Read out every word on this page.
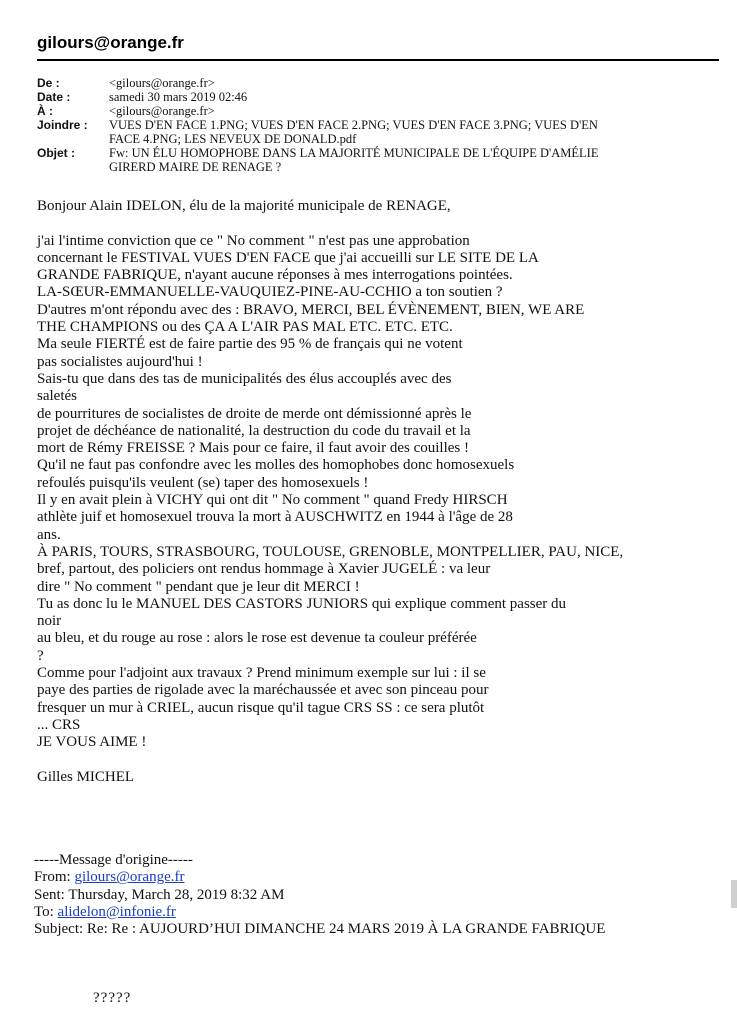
gilours@orange.fr
De :	<gilours@orange.fr>
Date :	samedi 30 mars 2019 02:46
À :	<gilours@orange.fr>
Joindre :	VUES D'EN FACE 1.PNG; VUES D'EN FACE 2.PNG; VUES D'EN FACE 3.PNG; VUES D'EN
FACE 4.PNG; LES NEVEUX DE DONALD.pdf
Objet :	Fw: UN ÉLU HOMOPHOBE DANS LA MAJORITÉ MUNICIPALE DE L'ÉQUIPE D'AMÉLIE
GIRERD MAIRE DE RENAGE ?
Bonjour Alain IDELON, élu de la majorité municipale de RENAGE,
j'ai l'intime conviction que ce " No comment " n'est pas une approbation
concernant le FESTIVAL VUES D'EN FACE que j'ai accueilli sur LE SITE DE LA
GRANDE FABRIQUE, n'ayant aucune réponses à mes interrogations pointées.
LA-SŒUR-EMMANUELLE-VAUQUIEZ-PINE-AU-CCHIO a ton soutien ?
D'autres m'ont répondu avec des : BRAVO, MERCI, BEL ÉVÈNEMENT, BIEN, WE ARE
THE CHAMPIONS ou des ÇA A L'AIR PAS MAL ETC. ETC. ETC.
Ma seule FIERTÉ est de faire partie des 95 % de français qui ne votent
pas socialistes aujourd'hui !
Sais-tu que dans des tas de municipalités des élus accouplés avec des
saletés
de pourritures de socialistes de droite de merde ont démissionné après le
projet de déchéance de nationalité, la destruction du code du travail et la
mort de Rémy FREISSE ? Mais pour ce faire, il faut avoir des couilles !
Qu'il ne faut pas confondre avec les molles des homophobes donc homosexuels
refoulés puisqu'ils veulent (se) taper des homosexuels !
Il y en avait plein à VICHY qui ont dit " No comment " quand Fredy HIRSCH
athlète juif et homosexuel trouva la mort à AUSCHWITZ en 1944 à l'âge de 28
ans.
À PARIS, TOURS, STRASBOURG, TOULOUSE, GRENOBLE, MONTPELLIER, PAU, NICE,
bref, partout, des policiers ont rendus hommage à Xavier JUGELÉ : va leur
dire " No comment " pendant que je leur dit MERCI !
Tu as donc lu le MANUEL DES CASTORS JUNIORS qui explique comment passer du
noir
au bleu, et du rouge au rose : alors le rose est devenue ta couleur préférée
?
Comme pour l'adjoint aux travaux ? Prend minimum exemple sur lui : il se
paye des parties de rigolade avec la maréchaussée et avec son pinceau pour
fresquer un mur à CRIEL, aucun risque qu'il tague CRS SS : ce sera plutôt
... CRS
JE VOUS AIME !
Gilles MICHEL
-----Message d'origine-----
From: gilours@orange.fr
Sent: Thursday, March 28, 2019 8:32 AM
To: alidelon@infonie.fr
Subject: Re: Re : AUJOURD’HUI DIMANCHE 24 MARS 2019 À LA GRANDE FABRIQUE
?????
